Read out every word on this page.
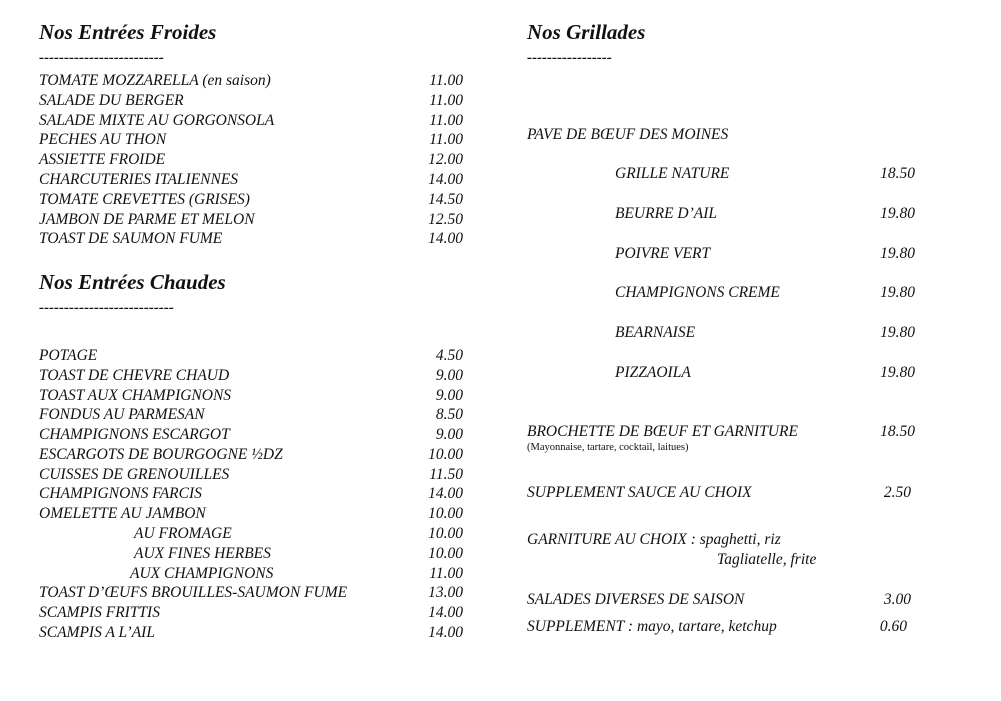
Nos Entrées Froides
-------------------------
TOMATE MOZZARELLA (en saison)	11.00
SALADE DU BERGER	11.00
SALADE MIXTE AU GORGONSOLA	11.00
PECHES AU THON	11.00
ASSIETTE FROIDE	12.00
CHARCUTERIES ITALIENNES	14.00
TOMATE CREVETTES (GRISES)	14.50
JAMBON DE PARME ET MELON	12.50
TOAST DE SAUMON FUME	14.00
Nos Entrées Chaudes
---------------------------
POTAGE	4.50
TOAST DE CHEVRE CHAUD	9.00
TOAST AUX CHAMPIGNONS	9.00
FONDUS AU PARMESAN	8.50
CHAMPIGNONS ESCARGOT	9.00
ESCARGOTS DE BOURGOGNE ½DZ	10.00
CUISSES DE GRENOUILLES	11.50
CHAMPIGNONS FARCIS	14.00
OMELETTE AU JAMBON	10.00
AU FROMAGE	10.00
AUX FINES HERBES	10.00
AUX CHAMPIGNONS	11.00
TOAST D’ŒUFS BROUILLES-SAUMON FUME	13.00
SCAMPIS FRITTIS	14.00
SCAMPIS A L’AIL	14.00
Nos Grillades
-----------------
PAVE DE BŒUF DES MOINES
GRILLE NATURE	18.50
BEURRE D’AIL	19.80
POIVRE VERT	19.80
CHAMPIGNONS CREME	19.80
BEARNAISE	19.80
PIZZAOILA	19.80
BROCHETTE DE BŒUF ET GARNITURE	18.50
(Mayonnaise, tartare, cocktail, laitues)
SUPPLEMENT SAUCE AU CHOIX	2.50
GARNITURE AU CHOIX : spaghetti, riz
Tagliatelle, frite
SALADES DIVERSES DE SAISON	3.00
SUPPLEMENT : mayo, tartare, ketchup	0.60
